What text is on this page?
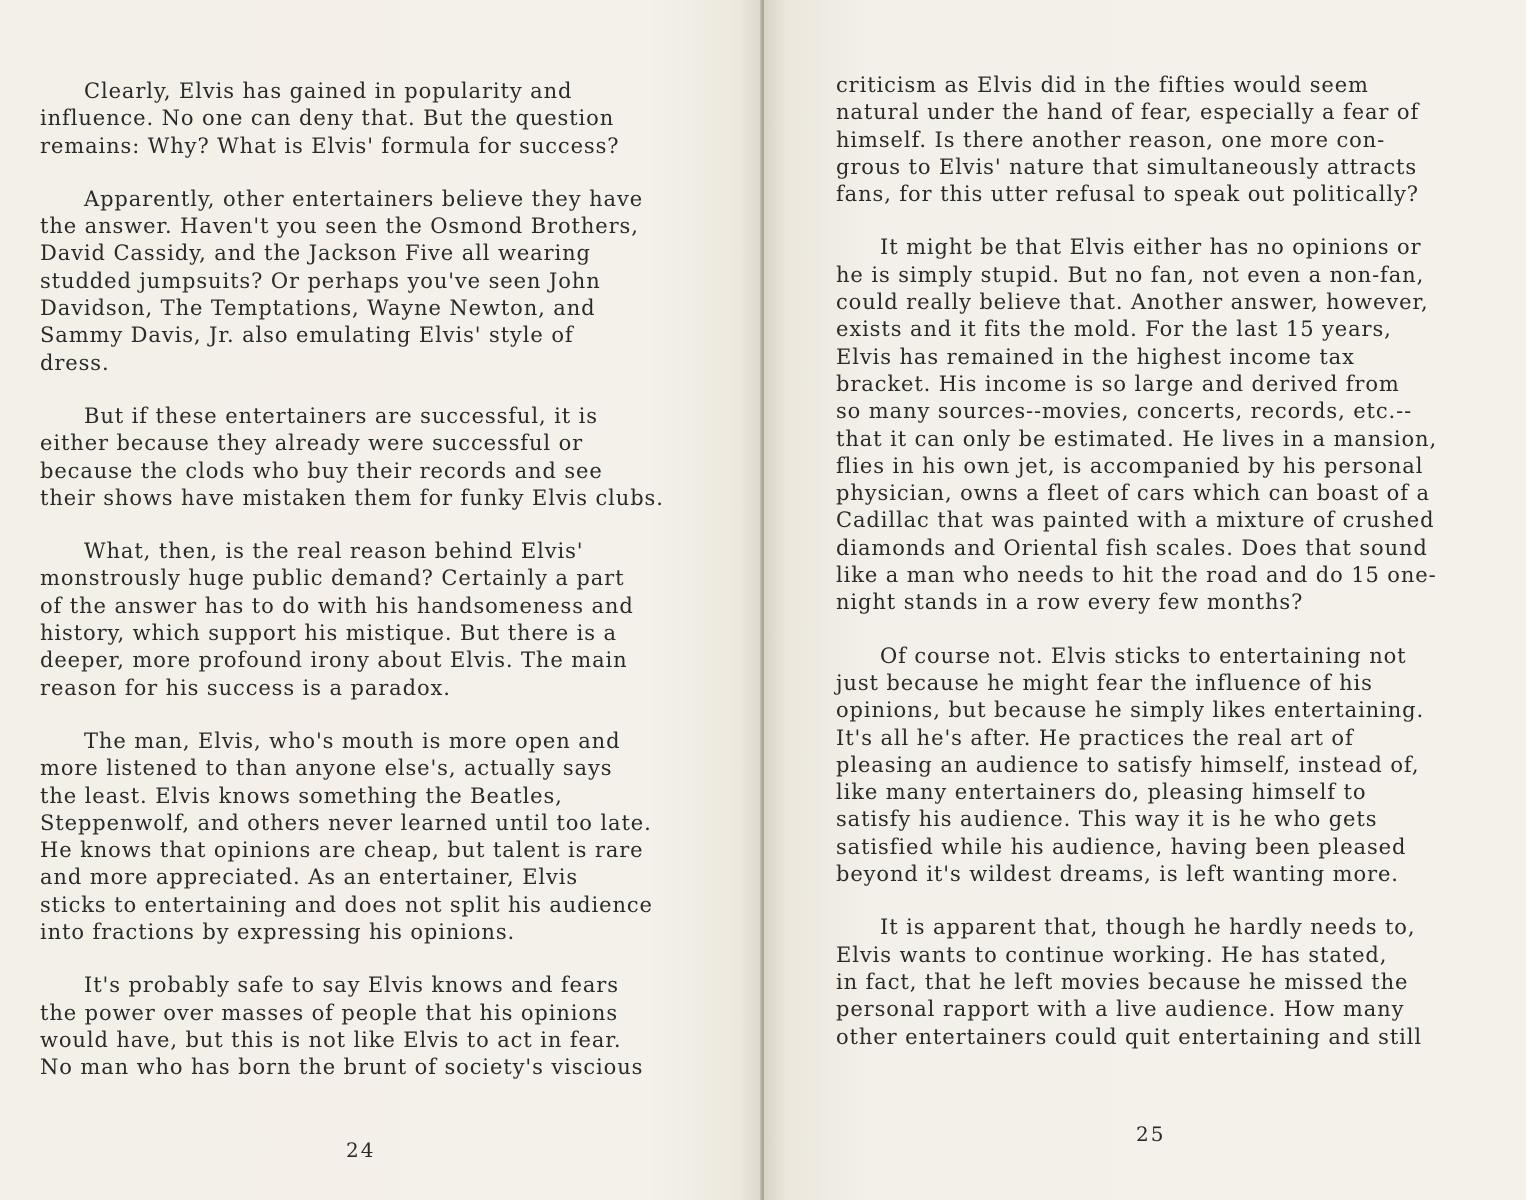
Clearly, Elvis has gained in popularity and
influence. No one can deny that. But the question
remains: Why? What is Elvis' formula for success?

Apparently, other entertainers believe they have
the answer. Haven't you seen the Osmond Brothers,
David Cassidy, and the Jackson Five all wearing
studded jumpsuits? Or perhaps you've seen John
Davidson, The Temptations, Wayne Newton, and
Sammy Davis, Jr. also emulating Elvis' style of
dress.

But if these entertainers are successful, it is
either because they already were successful or
because the clods who buy their records and see
their shows have mistaken them for funky Elvis clubs.

What, then, is the real reason behind Elvis'
monstrously huge public demand? Certainly a part
of the answer has to do with his handsomeness and
history, which support his mistique. But there is a
deeper, more profound irony about Elvis. The main
reason for his success is a paradox.

The man, Elvis, who's mouth is more open and
more listened to than anyone else's, actually says
the least. Elvis knows something the Beatles,
Steppenwolf, and others never learned until too late.
He knows that opinions are cheap, but talent is rare
and more appreciated. As an entertainer, Elvis
sticks to entertaining and does not split his audience
into fractions by expressing his opinions.

It's probably safe to say Elvis knows and fears
the power over masses of people that his opinions
would have, but this is not like Elvis to act in fear.
No man who has born the brunt of society's viscious

24

criticism as Elvis did in the fifties would seem
natural under the hand of fear, especially a fear of
himself. Is there another reason, one more con-
grous to Elvis' nature that simultaneously attracts
fans, for this utter refusal to speak out politically?

It might be that Elvis either has no opinions or
he is simply stupid. But no fan, not even a non-fan,
could really believe that. Another answer, however,
exists and it fits the mold. For the last 15 years,
Elvis has remained in the highest income tax
bracket. His income is so large and derived from
so many sources--movies, concerts, records, etc.--
that it can only be estimated. He lives in a mansion,
flies in his own jet, is accompanied by his personal
physician, owns a fleet of cars which can boast of a
Cadillac that was painted with a mixture of crushed
diamonds and Oriental fish scales. Does that sound
like a man who needs to hit the road and do 15 one-
night stands in a row every few months?

Of course not. Elvis sticks to entertaining not
just because he might fear the influence of his
opinions, but because he simply likes entertaining.
It's all he's after. He practices the real art of
pleasing an audience to satisfy himself, instead of,
like many entertainers do, pleasing himself to
satisfy his audience. This way it is he who gets
satisfied while his audience, having been pleased
beyond it's wildest dreams, is left wanting more.

It is apparent that, though he hardly needs to,
Elvis wants to continue working. He has stated,
in fact, that he left movies because he missed the
personal rapport with a live audience. How many
other entertainers could quit entertaining and still

25
